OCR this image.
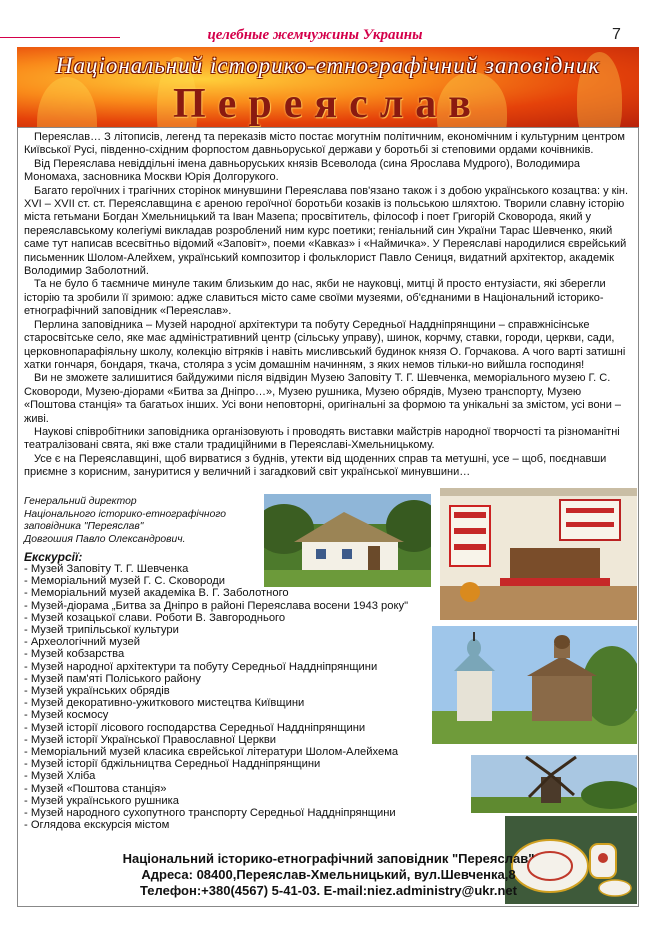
целебные жемчужины Украины	7
Національний історико-етнографічний заповідник
Переяслав

Переяслав… З літописів, легенд та переказів місто постає могутнім політичним, економічним і культурним центром Київської Русі, південно-східним форпостом давньоруської держави у боротьбі зі степовими ордами кочівників.

Від Переяслава невіддільні імена давньоруських князів Всеволода (сина Ярослава Мудрого), Володимира Мономаха, засновника Москви Юрія Долгорукого.

Багато героїчних і трагічних сторінок минувшини Переяслава пов'язано також і з добою українського козацтва: у кін. XVI – XVII ст. ст. Переяславщина є ареною героїчної боротьби козаків із польською шляхтою. Творили славну історію міста гетьмани Богдан Хмельницький та Іван Мазепа; просвітитель, філософ і поет Григорій Сковорода, який у переяславському колегіумі викладав розроблений ним курс поетики; геніальний син України Тарас Шевченко, який саме тут написав всесвітньо відомий «Заповіт», поеми «Кавказ» і «Наймичка». У Переяславі народилися єврейський письменник Шолом-Алейхем, український композитор і фольклорист Павло Сениця, видатний архітектор, академік Володимир Заболотний.

Та не було б таємниче минуле таким близьким до нас, якби не науковці, митці й просто ентузіасти, які зберегли історію та зробили її зримою: адже славиться місто саме своїми музеями, об'єднаними в Національний історико-етнографічний заповідник «Переяслав».

Перлина заповідника – Музей народної архітектури та побуту Середньої Наддніпрянщини – справжнісінське старосвітське село, яке має адміністративний центр (сільську управу), шинок, корчму, ставки, городи, церкви, сади, церковнопарафіяльну школу, колекцію вітряків і навіть мисливський будинок князя О. Горчакова. А чого варті затишні хатки гончаря, бондаря, ткача, столяра з усім домашнім начинням, з яких немов тільки-но вийшла господиня!

Ви не зможете залишитися байдужими після відвідин Музею Заповіту Т. Г. Шевченка, меморіального музею Г. С. Сковороди, Музею-діорами «Битва за Дніпро…», Музею рушника, Музею обрядів, Музею транспорту, Музею «Поштова станція» та багатьох інших. Усі вони неповторні, оригінальні за формою та унікальні за змістом, усі вони – живі.

Наукові співробітники заповідника організовують і проводять виставки майстрів народної творчості та різноманітні театралізовані свята, які вже стали традиційними в Переяславі-Хмельницькому.

Усе є на Переяславщині, щоб вирватися з буднів, утекти від щоденних справ та метушні, усе – щоб, поєднавши приємне з корисним, зануритися у величний і загадковий світ української минувшини…

Генеральний директор
Національного історико-етнографічного
заповідника "Переяслав"
Довгошия Павло Олександрович.
Екскурсії:
- Музей Заповіту Т. Г. Шевченка
- Меморіальний музей Г. С. Сковороди
- Меморіальний музей академіка В. Г. Заболотного
- Музей-діорама „Битва за Дніпро в районі Переяслава восени 1943 року"
- Музей козацької слави. Роботи В. Завгороднього
- Музей трипільської культури
- Археологічний музей
- Музей кобзарства
- Музей народної архітектури та побуту Середньої Наддніпрянщини
- Музей пам'яті Поліського району
- Музей українських обрядів
- Музей декоративно-ужиткового мистецтва Київщини
- Музей космосу
- Музей історії лісового господарства Середньої Наддніпрянщини
- Музей історії Української Православної Церкви
- Меморіальний музей класика єврейської літератури Шолом-Алейхема
- Музей історії бджільництва Середньої Наддніпрянщини
- Музей Хліба
- Музей «Поштова станція»
- Музей українського рушника
- Музей народного сухопутного транспорту Середньої Наддніпрянщини
- Оглядова екскурсія містом
Національний історико-етнографічний заповідник "Переяслав"
Адреса: 08400,Переяслав-Хмельницький, вул.Шевченка,8
Телефон:+380(4567) 5-41-03. E-mail:niez.administry@ukr.net
